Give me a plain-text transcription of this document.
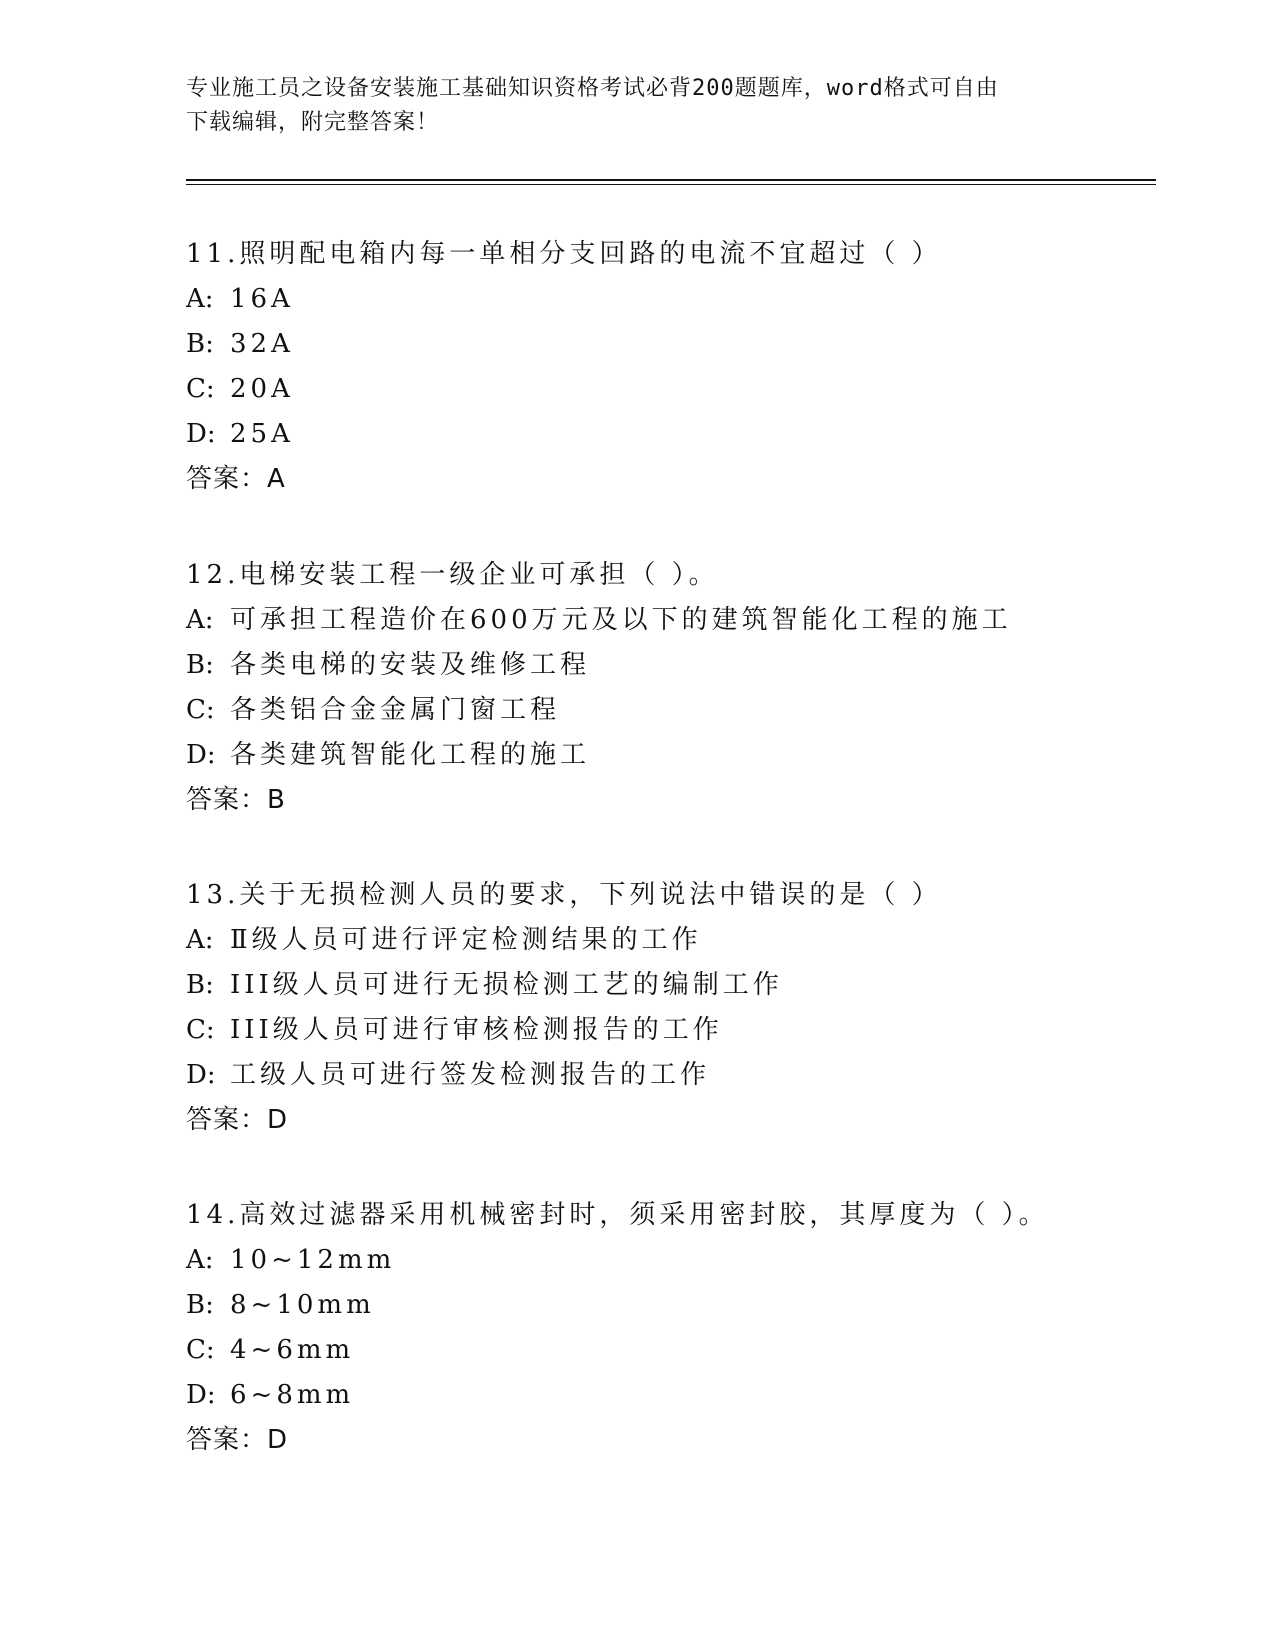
专业施工员之设备安装施工基础知识资格考试必背200题题库，word格式可自由
下载编辑，附完整答案！
11.照明配电箱内每一单相分支回路的电流不宜超过（ ）
A: 16A
B: 32A
C: 20A
D: 25A
答案：A
12.电梯安装工程一级企业可承担（ ）。
A: 可承担工程造价在600万元及以下的建筑智能化工程的施工
B: 各类电梯的安装及维修工程
C: 各类铝合金金属门窗工程
D: 各类建筑智能化工程的施工
答案：B
13.关于无损检测人员的要求，下列说法中错误的是（ ）
A: Ⅱ级人员可进行评定检测结果的工作
B: III级人员可进行无损检测工艺的编制工作
C: III级人员可进行审核检测报告的工作
D: 工级人员可进行签发检测报告的工作
答案：D
14.高效过滤器采用机械密封时，须采用密封胶，其厚度为（ ）。
A: 10~12mm
B: 8~10mm
C: 4~6mm
D: 6~8mm
答案：D
